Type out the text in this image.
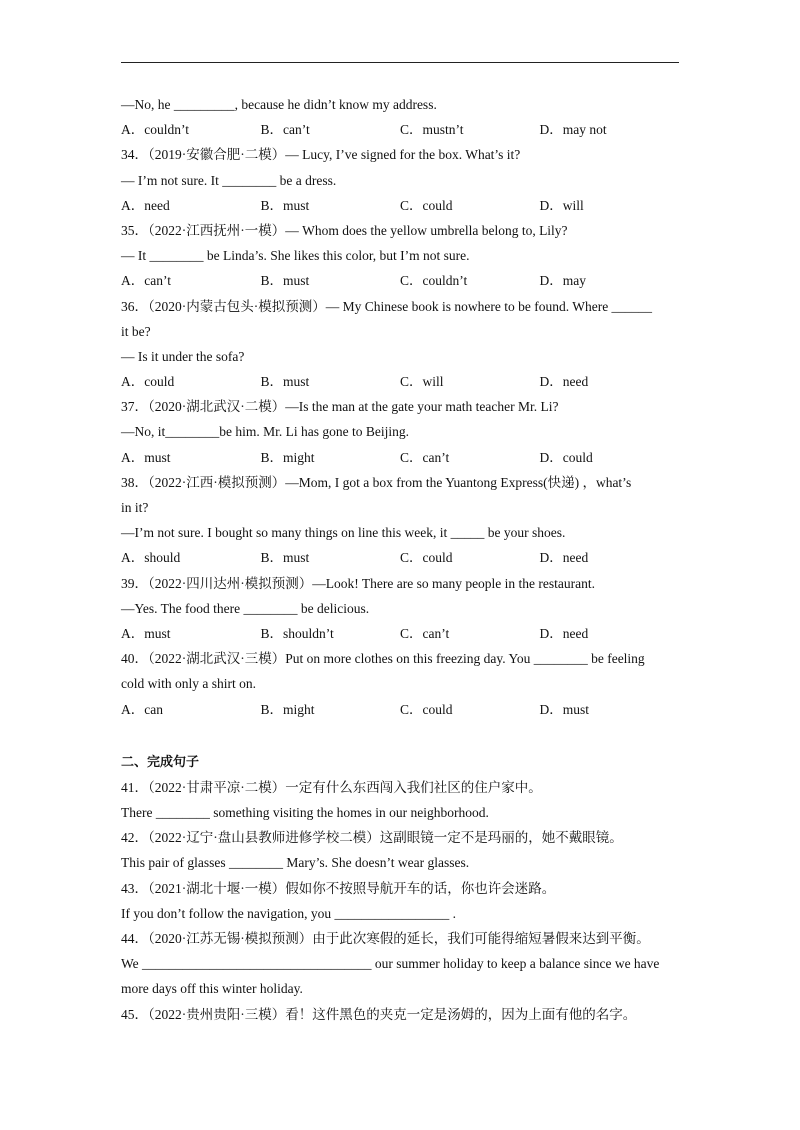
—No, he _________, because he didn’t know my address.
A．couldn’t	B．can’t	C．mustn’t	D．may not
34．（2019·安徽合肥·二模）— Lucy, I’ve signed for the box. What’s it?
— I’m not sure. It ________ be a dress.
A．need	B．must	C．could	D．will
35．（2022·江西抚州·一模）— Whom does the yellow umbrella belong to, Lily?
— It ________ be Linda’s. She likes this color, but I’m not sure.
A．can’t	B．must	C．couldn’t	D．may
36．（2020·内蒙古包头·模拟预测）— My Chinese book is nowhere to be found. Where ______
it be?
— Is it under the sofa?
A．could	B．must	C．will	D．need
37．（2020·湖北武汉·二模）—Is the man at the gate your math teacher Mr. Li?
—No, it________be him. Mr. Li has gone to Beijing.
A．must	B．might	C．can’t	D．could
38．（2022·江西·模拟预测）—Mom, I got a box from the Yuantong Express(快递) ，what’s
in it?
—I’m not sure. I bought so many things on line this week, it _____ be your shoes.
A．should	B．must	C．could	D．need
39．（2022·四川达州·模拟预测）—Look! There are so many people in the restaurant.
—Yes. The food there ________ be delicious.
A．must	B．shouldn’t	C．can’t	D．need
40．（2022·湖北武汉·三模）Put on more clothes on this freezing day. You ________ be feeling
cold with only a shirt on.
A．can	B．might	C．could	D．must
二、完成句子
41．（2022·甘肃平凉·二模）一定有什么东西闯入我们社区的住户家中。
There ________ something visiting the homes in our neighborhood.
42．（2022·辽宁·盘山县教师进修学校二模）这副眼镜一定不是玛丽的，她不戴眼镜。
This pair of glasses ________ Mary’s. She doesn’t wear glasses.
43．（2021·湖北十堰·一模）假如你不按照导航开车的话，你也许会迷路。
If you don’t follow the navigation, you _________________ .
44．（2020·江苏无锡·模拟预测）由于此次寒假的延长，我们可能得缩短暑假来达到平衡。
We __________________________________ our summer holiday to keep a balance since we have
more days off this winter holiday.
45．（2022·贵州贵阳·三模）看！这件黑色的夹克一定是汤姆的，因为上面有他的名字。
